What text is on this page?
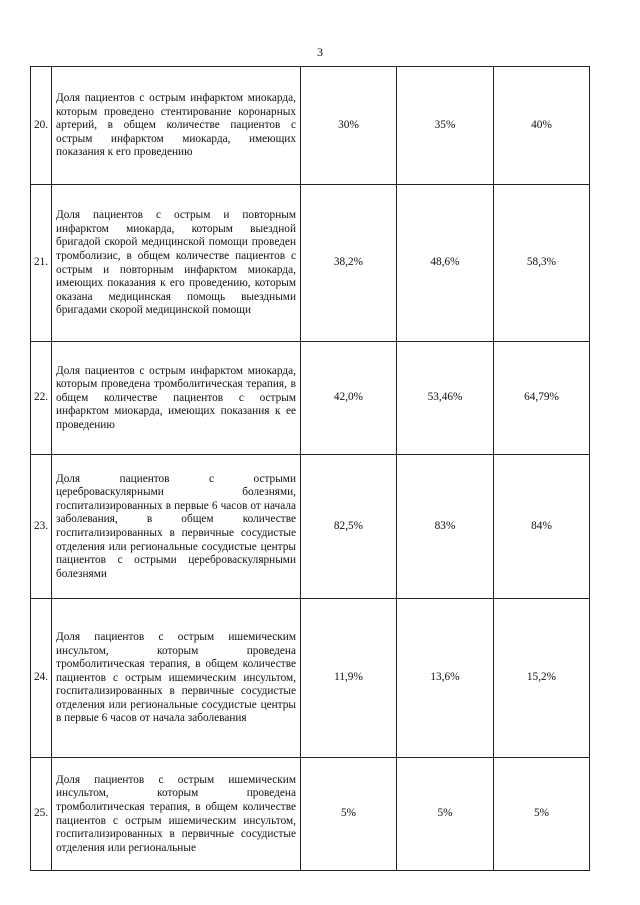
3
20.	Доля пациентов с острым инфарктом миокарда, которым проведено стентирование коронарных артерий, в общем количестве пациентов с острым инфарктом миокарда, имеющих показания к его проведению	30%	35%	40%
21.	Доля пациентов с острым и повторным инфарктом миокарда, которым выездной бригадой скорой медицинской помощи проведен тромболизис, в общем количестве пациентов с острым и повторным инфарктом миокарда, имеющих показания к его проведению, которым оказана медицинская помощь выездными бригадами скорой медицинской помощи	38,2%	48,6%	58,3%
22.	Доля пациентов с острым инфарктом миокарда, которым проведена тромболитическая терапия, в общем количестве пациентов с острым инфарктом миокарда, имеющих показания к ее проведению	42,0%	53,46%	64,79%
23.	Доля пациентов с острыми цереброваскулярными болезнями, госпитализированных в первые 6 часов от начала заболевания, в общем количестве госпитализированных в первичные сосудистые отделения или региональные сосудистые центры пациентов с острыми цереброваскулярными болезнями	82,5%	83%	84%
24.	Доля пациентов с острым ишемическим инсультом, которым проведена тромболитическая терапия, в общем количестве пациентов с острым ишемическим инсультом, госпитализированных в первичные сосудистые отделения или региональные сосудистые центры в первые 6 часов от начала заболевания	11,9%	13,6%	15,2%
25.	Доля пациентов с острым ишемическим инсультом, которым проведена тромболитическая терапия, в общем количестве пациентов с острым ишемическим инсультом, госпитализированных в первичные сосудистые отделения или региональные	5%	5%	5%
